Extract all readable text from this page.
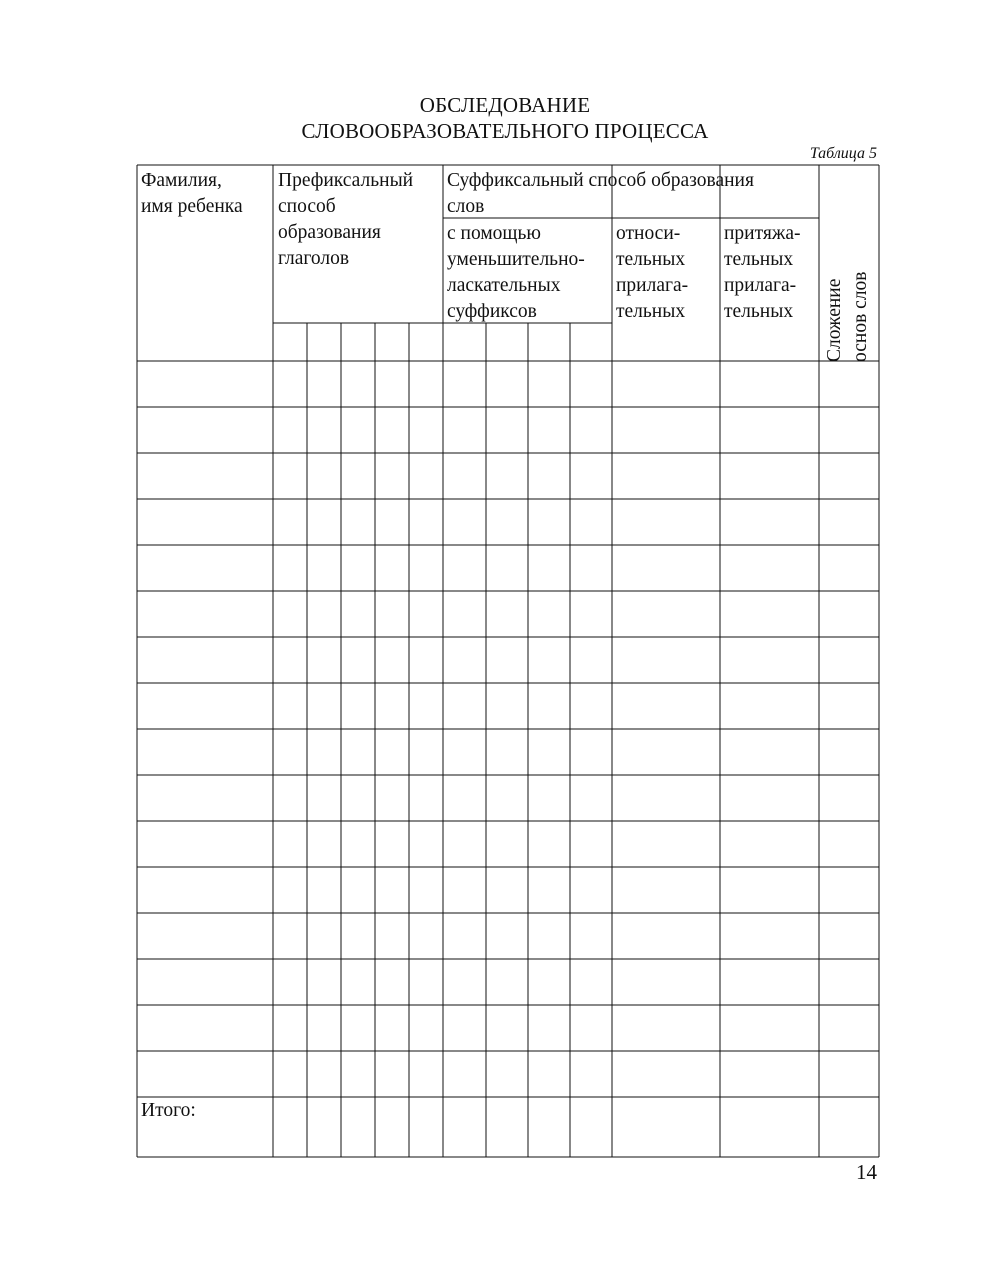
ОБСЛЕДОВАНИЕ
СЛОВООБРАЗОВАТЕЛЬНОГО ПРОЦЕССА
Таблица 5
Фамилия,
имя ребенка
Префиксальный
способ
образования
глаголов
Суффиксальный способ образования
слов
с помощью
уменьшительно-
ласкательных
суффиксов
относи-
тельных
прилага-
тельных
притяжа-
тельных
прилага-
тельных	Сложение основ слов
Итого:
14
